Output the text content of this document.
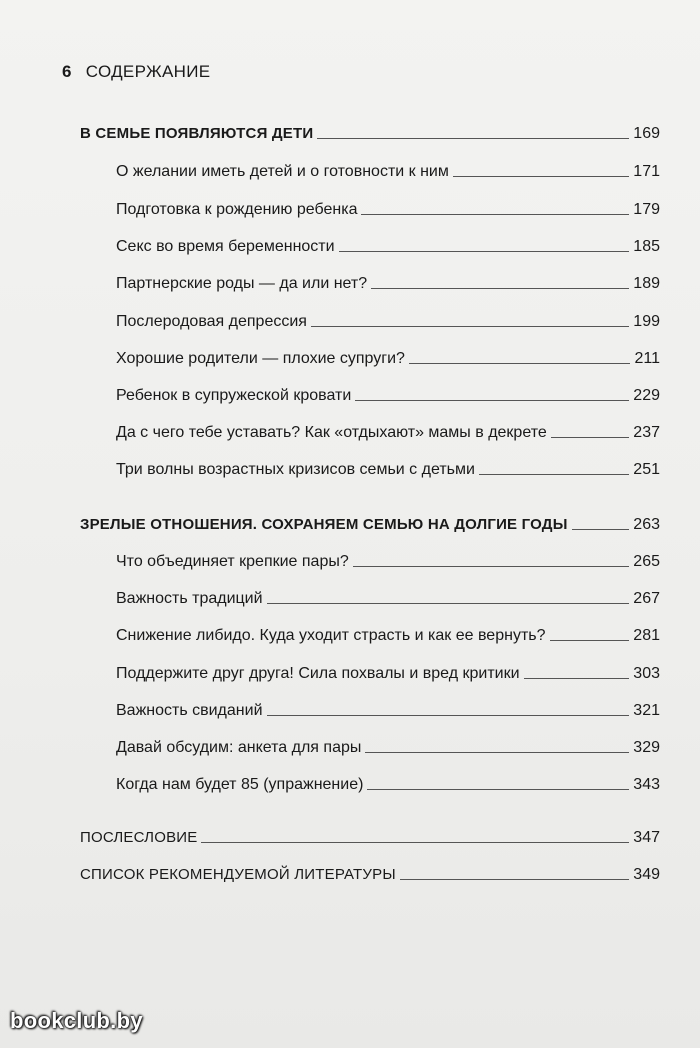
6 СОДЕРЖАНИЕ
В СЕМЬЕ ПОЯВЛЯЮТСЯ ДЕТИ	169
О желании иметь детей и о готовности к ним	171
Подготовка к рождению ребенка	179
Секс во время беременности	185
Партнерские роды — да или нет?	189
Послеродовая депрессия	199
Хорошие родители — плохие супруги?	211
Ребенок в супружеской кровати	229
Да с чего тебе уставать? Как «отдыхают» мамы в декрете	237
Три волны возрастных кризисов семьи с детьми	251
ЗРЕЛЫЕ ОТНОШЕНИЯ. СОХРАНЯЕМ СЕМЬЮ НА ДОЛГИЕ ГОДЫ	263
Что объединяет крепкие пары?	265
Важность традиций	267
Снижение либидо. Куда уходит страсть и как ее вернуть?	281
Поддержите друг друга! Сила похвалы и вред критики	303
Важность свиданий	321
Давай обсудим: анкета для пары	329
Когда нам будет 85 (упражнение)	343
ПОСЛЕСЛОВИЕ	347
СПИСОК РЕКОМЕНДУЕМОЙ ЛИТЕРАТУРЫ	349
bookclub.by
